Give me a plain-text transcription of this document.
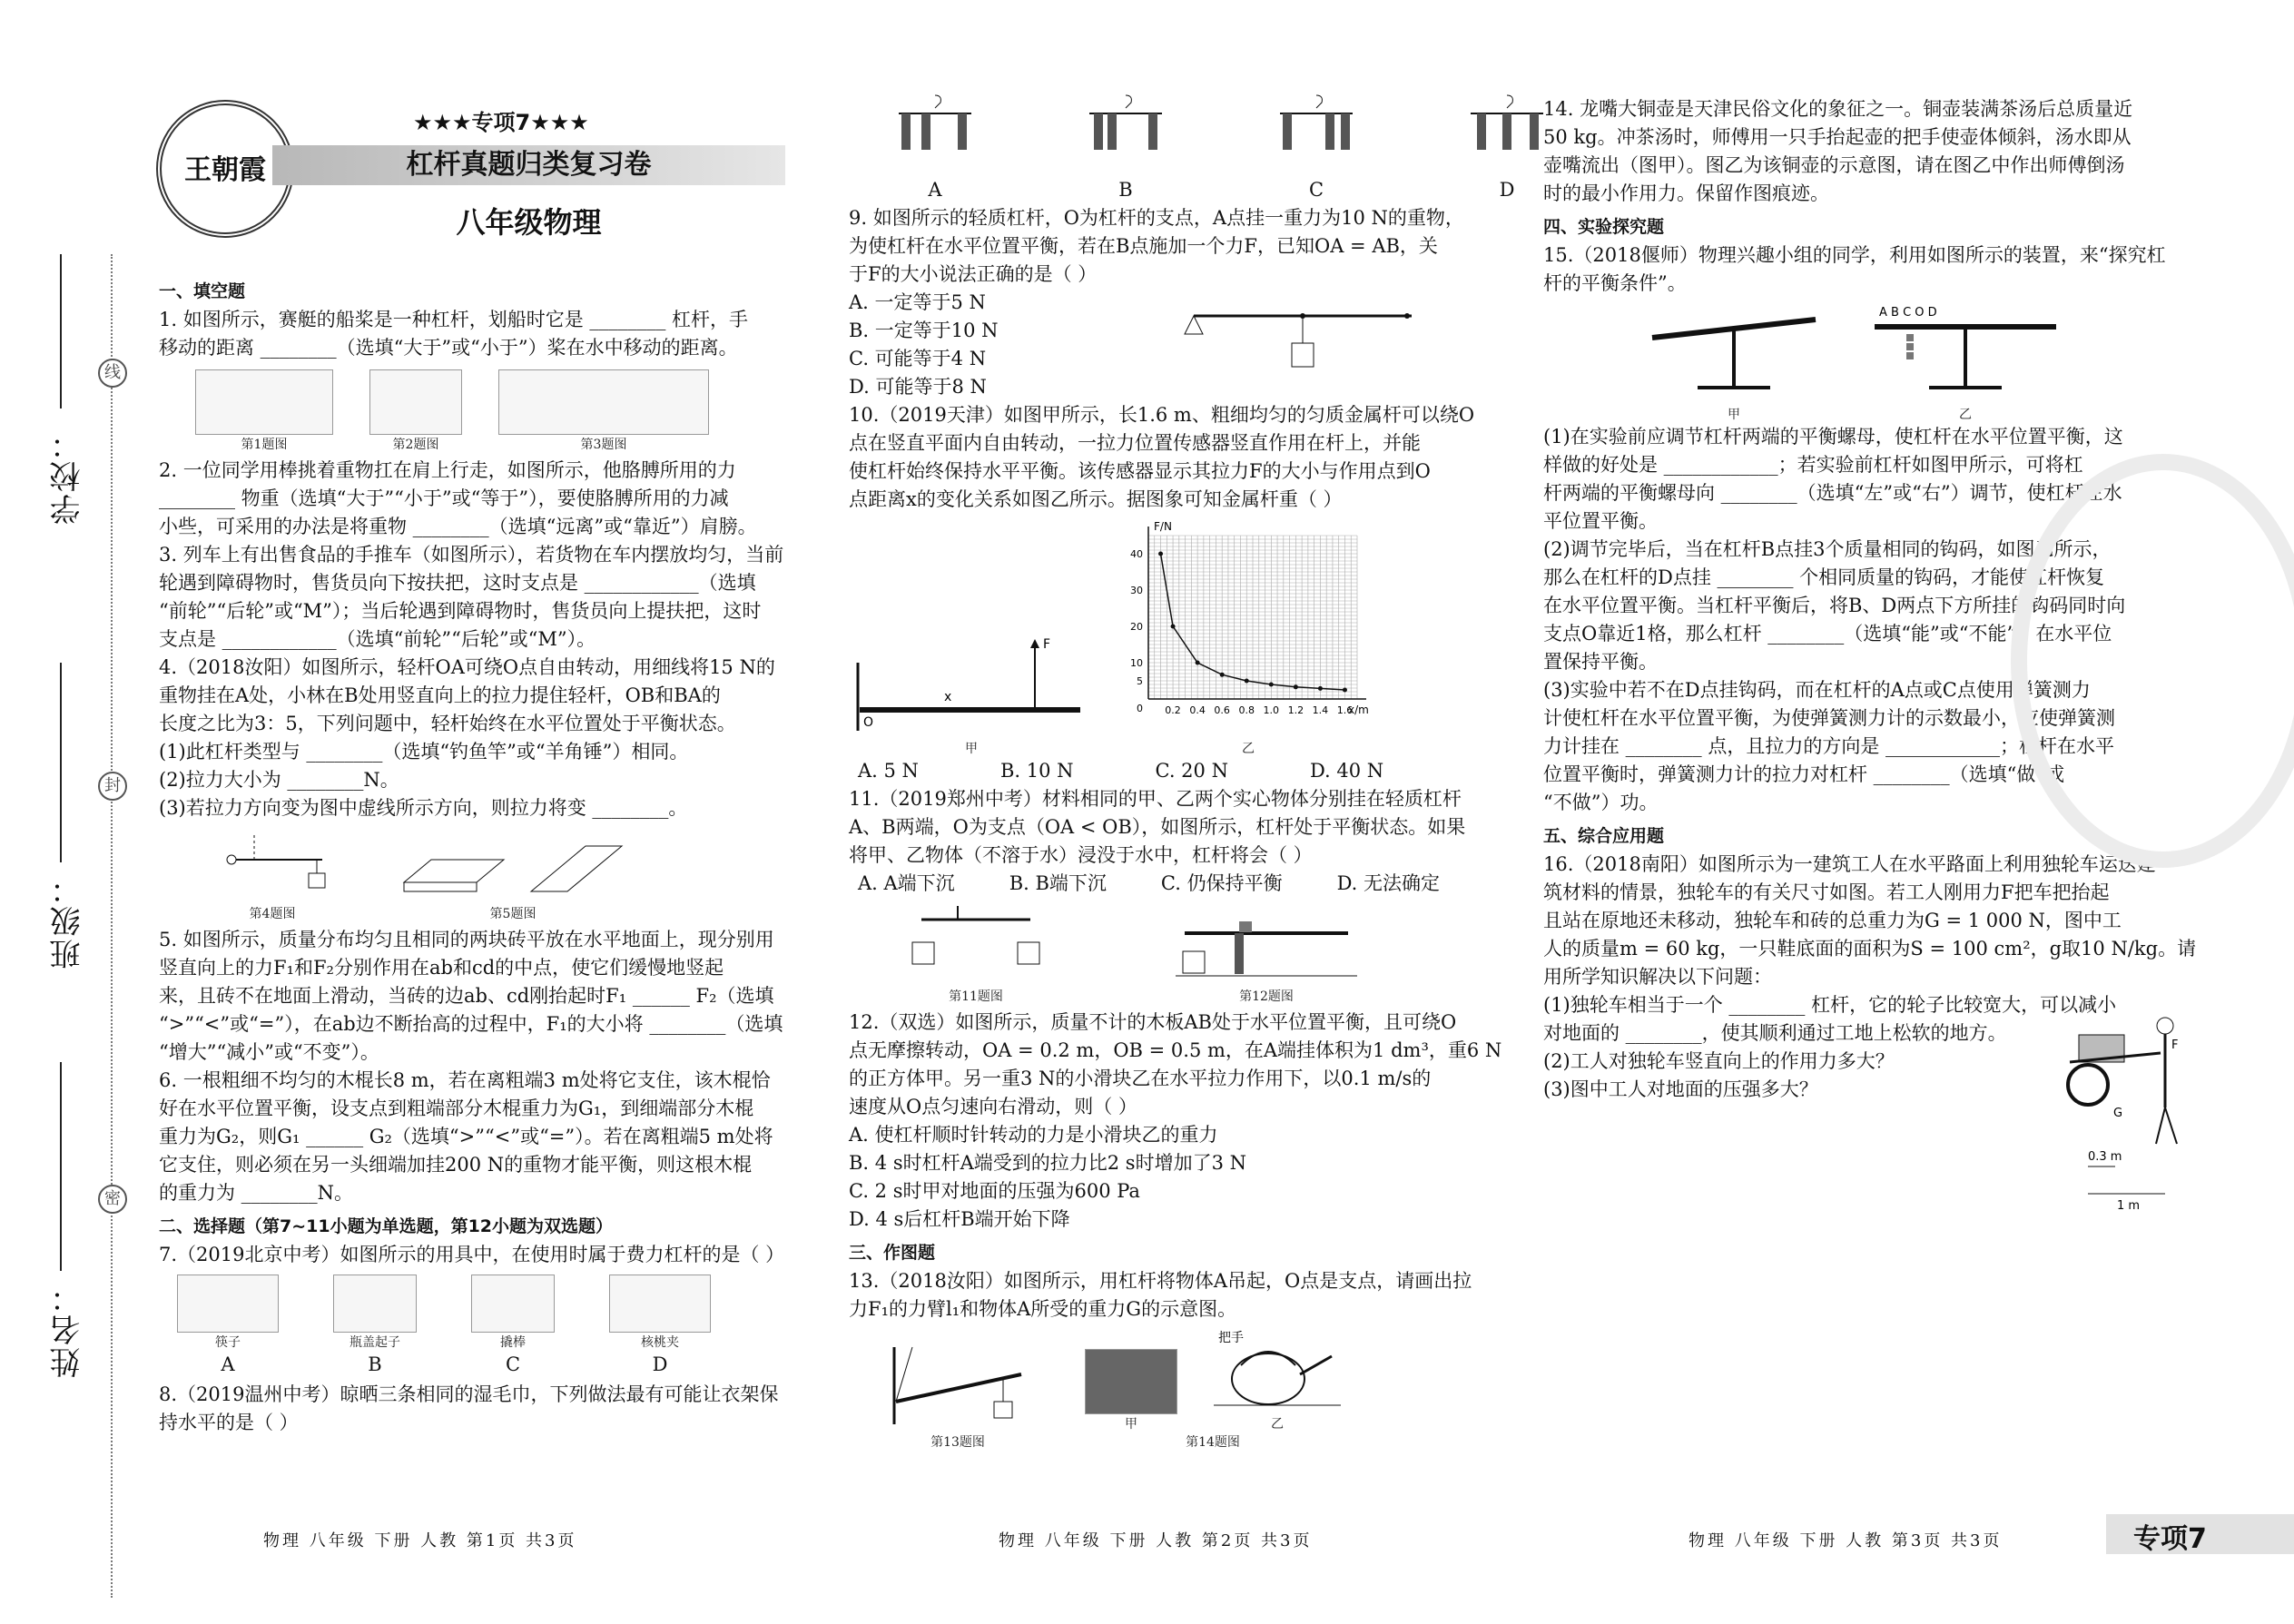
学校：
班级：
姓名：
线
封
密
王朝霞
★★★专项7★★★
杠杆真题归类复习卷
八年级物理
一、填空题

1. 如图所示，赛艇的船桨是一种杠杆，划船时它是 ________ 杠杆，手

移动的距离 ________（选填“大于”或“小于”）桨在水中移动的距离。

第1题图	第2题图	第3题图

2. 一位同学用棒挑着重物扛在肩上行走，如图所示，他胳膊所用的力

________ 物重（选填“大于”“小于”或“等于”），要使胳膊所用的力减

小些，可采用的办法是将重物 ________（选填“远离”或“靠近”）肩膀。

3. 列车上有出售食品的手推车（如图所示），若货物在车内摆放均匀，当前

轮遇到障碍物时，售货员向下按扶把，这时支点是 ____________（选填

“前轮”“后轮”或“M”）；当后轮遇到障碍物时，售货员向上提扶把，这时

支点是 ____________（选填“前轮”“后轮”或“M”）。

4.（2018汝阳）如图所示，轻杆OA可绕O点自由转动，用细线将15 N的

重物挂在A处，小林在B处用竖直向上的拉力提住轻杆，OB和BA的

长度之比为3：5，下列问题中，轻杆始终在水平位置处于平衡状态。

(1)此杠杆类型与 ________（选填“钓鱼竿”或“羊角锤”）相同。

(2)拉力大小为 ________N。

(3)若拉力方向变为图中虚线所示方向，则拉力将变 ________。

第4题图	第5题图

5. 如图所示，质量分布均匀且相同的两块砖平放在水平地面上，现分别用

竖直向上的力F₁和F₂分别作用在ab和cd的中点，使它们缓慢地竖起

来，且砖不在地面上滑动，当砖的边ab、cd刚抬起时F₁ ______ F₂（选填

“>”“<”或“=”），在ab边不断抬高的过程中，F₁的大小将 ________（选填

“增大”“减小”或“不变”）。

6. 一根粗细不均匀的木棍长8 m，若在离粗端3 m处将它支住，该木棍恰

好在水平位置平衡，设支点到粗端部分木棍重力为G₁，到细端部分木棍

重力为G₂，则G₁ ______ G₂（选填“>”“<”或“=”）。若在离粗端5 m处将

它支住，则必须在另一头细端加挂200 N的重物才能平衡，则这根木棍

的重力为 ________N。

二、选择题（第7~11小题为单选题，第12小题为双选题）

7.（2019北京中考）如图所示的用具中，在使用时属于费力杠杆的是（ ）

筷子
A
瓶盖起子
B
撬棒
C
核桃夹
D

8.（2019温州中考）晾晒三条相同的湿毛巾，下列做法最有可能让衣架保

持水平的是（ ）

物理 八年级 下册 人教 第1页 共3页
A	B	C	D

9. 如图所示的轻质杠杆，O为杠杆的支点，A点挂一重力为10 N的重物，

为使杠杆在水平位置平衡，若在B点施加一个力F，已知OA = AB，关

于F的大小说法正确的是（ ）

A. 一定等于5 N
B. 一定等于10 N
C. 可能等于4 N
D. 可能等于8 N

10.（2019天津）如图甲所示，长1.6 m、粗细均匀的匀质金属杆可以绕O

点在竖直平面内自由转动，一拉力位置传感器竖直作用在杆上，并能

使杠杆始终保持水平平衡。该传感器显示其拉力F的大小与作用点到O

点距离x的变化关系如图乙所示。据图象可知金属杆重（ ）

F
O
x
甲
0.2 0.4 0.6 0.8 1.0 1.2 1.4 1.6
5
10
20
30
40
0
F/N
x/m
乙
A. 5 N	B. 10 N	C. 20 N	D. 40 N

11.（2019郑州中考）材料相同的甲、乙两个实心物体分别挂在轻质杠杆

A、B两端，O为支点（OA < OB），如图所示，杠杆处于平衡状态。如果

将甲、乙物体（不溶于水）浸没于水中，杠杆将会（ ）

A. A端下沉	B. B端下沉	C. 仍保持平衡	D. 无法确定
第11题图	第12题图

12.（双选）如图所示，质量不计的木板AB处于水平位置平衡，且可绕O

点无摩擦转动，OA = 0.2 m，OB = 0.5 m，在A端挂体积为1 dm³，重6 N

的正方体甲。另一重3 N的小滑块乙在水平拉力作用下，以0.1 m/s的

速度从O点匀速向右滑动，则（ ）

A. 使杠杆顺时针转动的力是小滑块乙的重力
B. 4 s时杠杆A端受到的拉力比2 s时增加了3 N
C. 2 s时甲对地面的压强为600 Pa
D. 4 s后杠杆B端开始下降
三、作图题

13.（2018汝阳）如图所示，用杠杆将物体A吊起，O点是支点，请画出拉

力F₁的力臂l₁和物体A所受的重力G的示意图。

第13题图
甲
把手
乙
第14题图
物理 八年级 下册 人教 第2页 共3页

14. 龙嘴大铜壶是天津民俗文化的象征之一。铜壶装满茶汤后总质量近

50 kg。冲茶汤时，师傅用一只手抬起壶的把手使壶体倾斜，汤水即从

壶嘴流出（图甲）。图乙为该铜壶的示意图，请在图乙中作出师傅倒汤

时的最小作用力。保留作图痕迹。

四、实验探究题

15.（2018偃师）物理兴趣小组的同学，利用如图所示的装置，来“探究杠

杆的平衡条件”。

甲
A B C O D
乙

(1)在实验前应调节杠杆两端的平衡螺母，使杠杆在水平位置平衡，这

样做的好处是 ____________；若实验前杠杆如图甲所示，可将杠

杆两端的平衡螺母向 ________（选填“左”或“右”）调节，使杠杆在水

平位置平衡。

(2)调节完毕后，当在杠杆B点挂3个质量相同的钩码，如图乙所示，

那么在杠杆的D点挂 ________ 个相同质量的钩码，才能使杠杆恢复

在水平位置平衡。当杠杆平衡后，将B、D两点下方所挂的钩码同时向

支点O靠近1格，那么杠杆 ________（选填“能”或“不能”）在水平位

置保持平衡。

(3)实验中若不在D点挂钩码，而在杠杆的A点或C点使用弹簧测力

计使杠杆在水平位置平衡，为使弹簧测力计的示数最小，应使弹簧测

力计挂在 ________ 点，且拉力的方向是 ____________；杠杆在水平

位置平衡时，弹簧测力计的拉力对杠杆 ________（选填“做”或

“不做”）功。

五、综合应用题

16.（2018南阳）如图所示为一建筑工人在水平路面上利用独轮车运送建

筑材料的情景，独轮车的有关尺寸如图。若工人刚用力F把车把抬起

且站在原地还未移动，独轮车和砖的总重力为G = 1 000 N，图中工

人的质量m = 60 kg，一只鞋底面的面积为S = 100 cm²，g取10 N/kg。请

用所学知识解决以下问题：

(1)独轮车相当于一个 ________ 杠杆，它的轮子比较宽大，可以减小

对地面的 ________，使其顺利通过工地上松软的地方。

(2)工人对独轮车竖直向上的作用力多大？

(3)图中工人对地面的压强多大？

F
G
0.3 m
1 m
物理 八年级 下册 人教 第3页 共3页	专项7
